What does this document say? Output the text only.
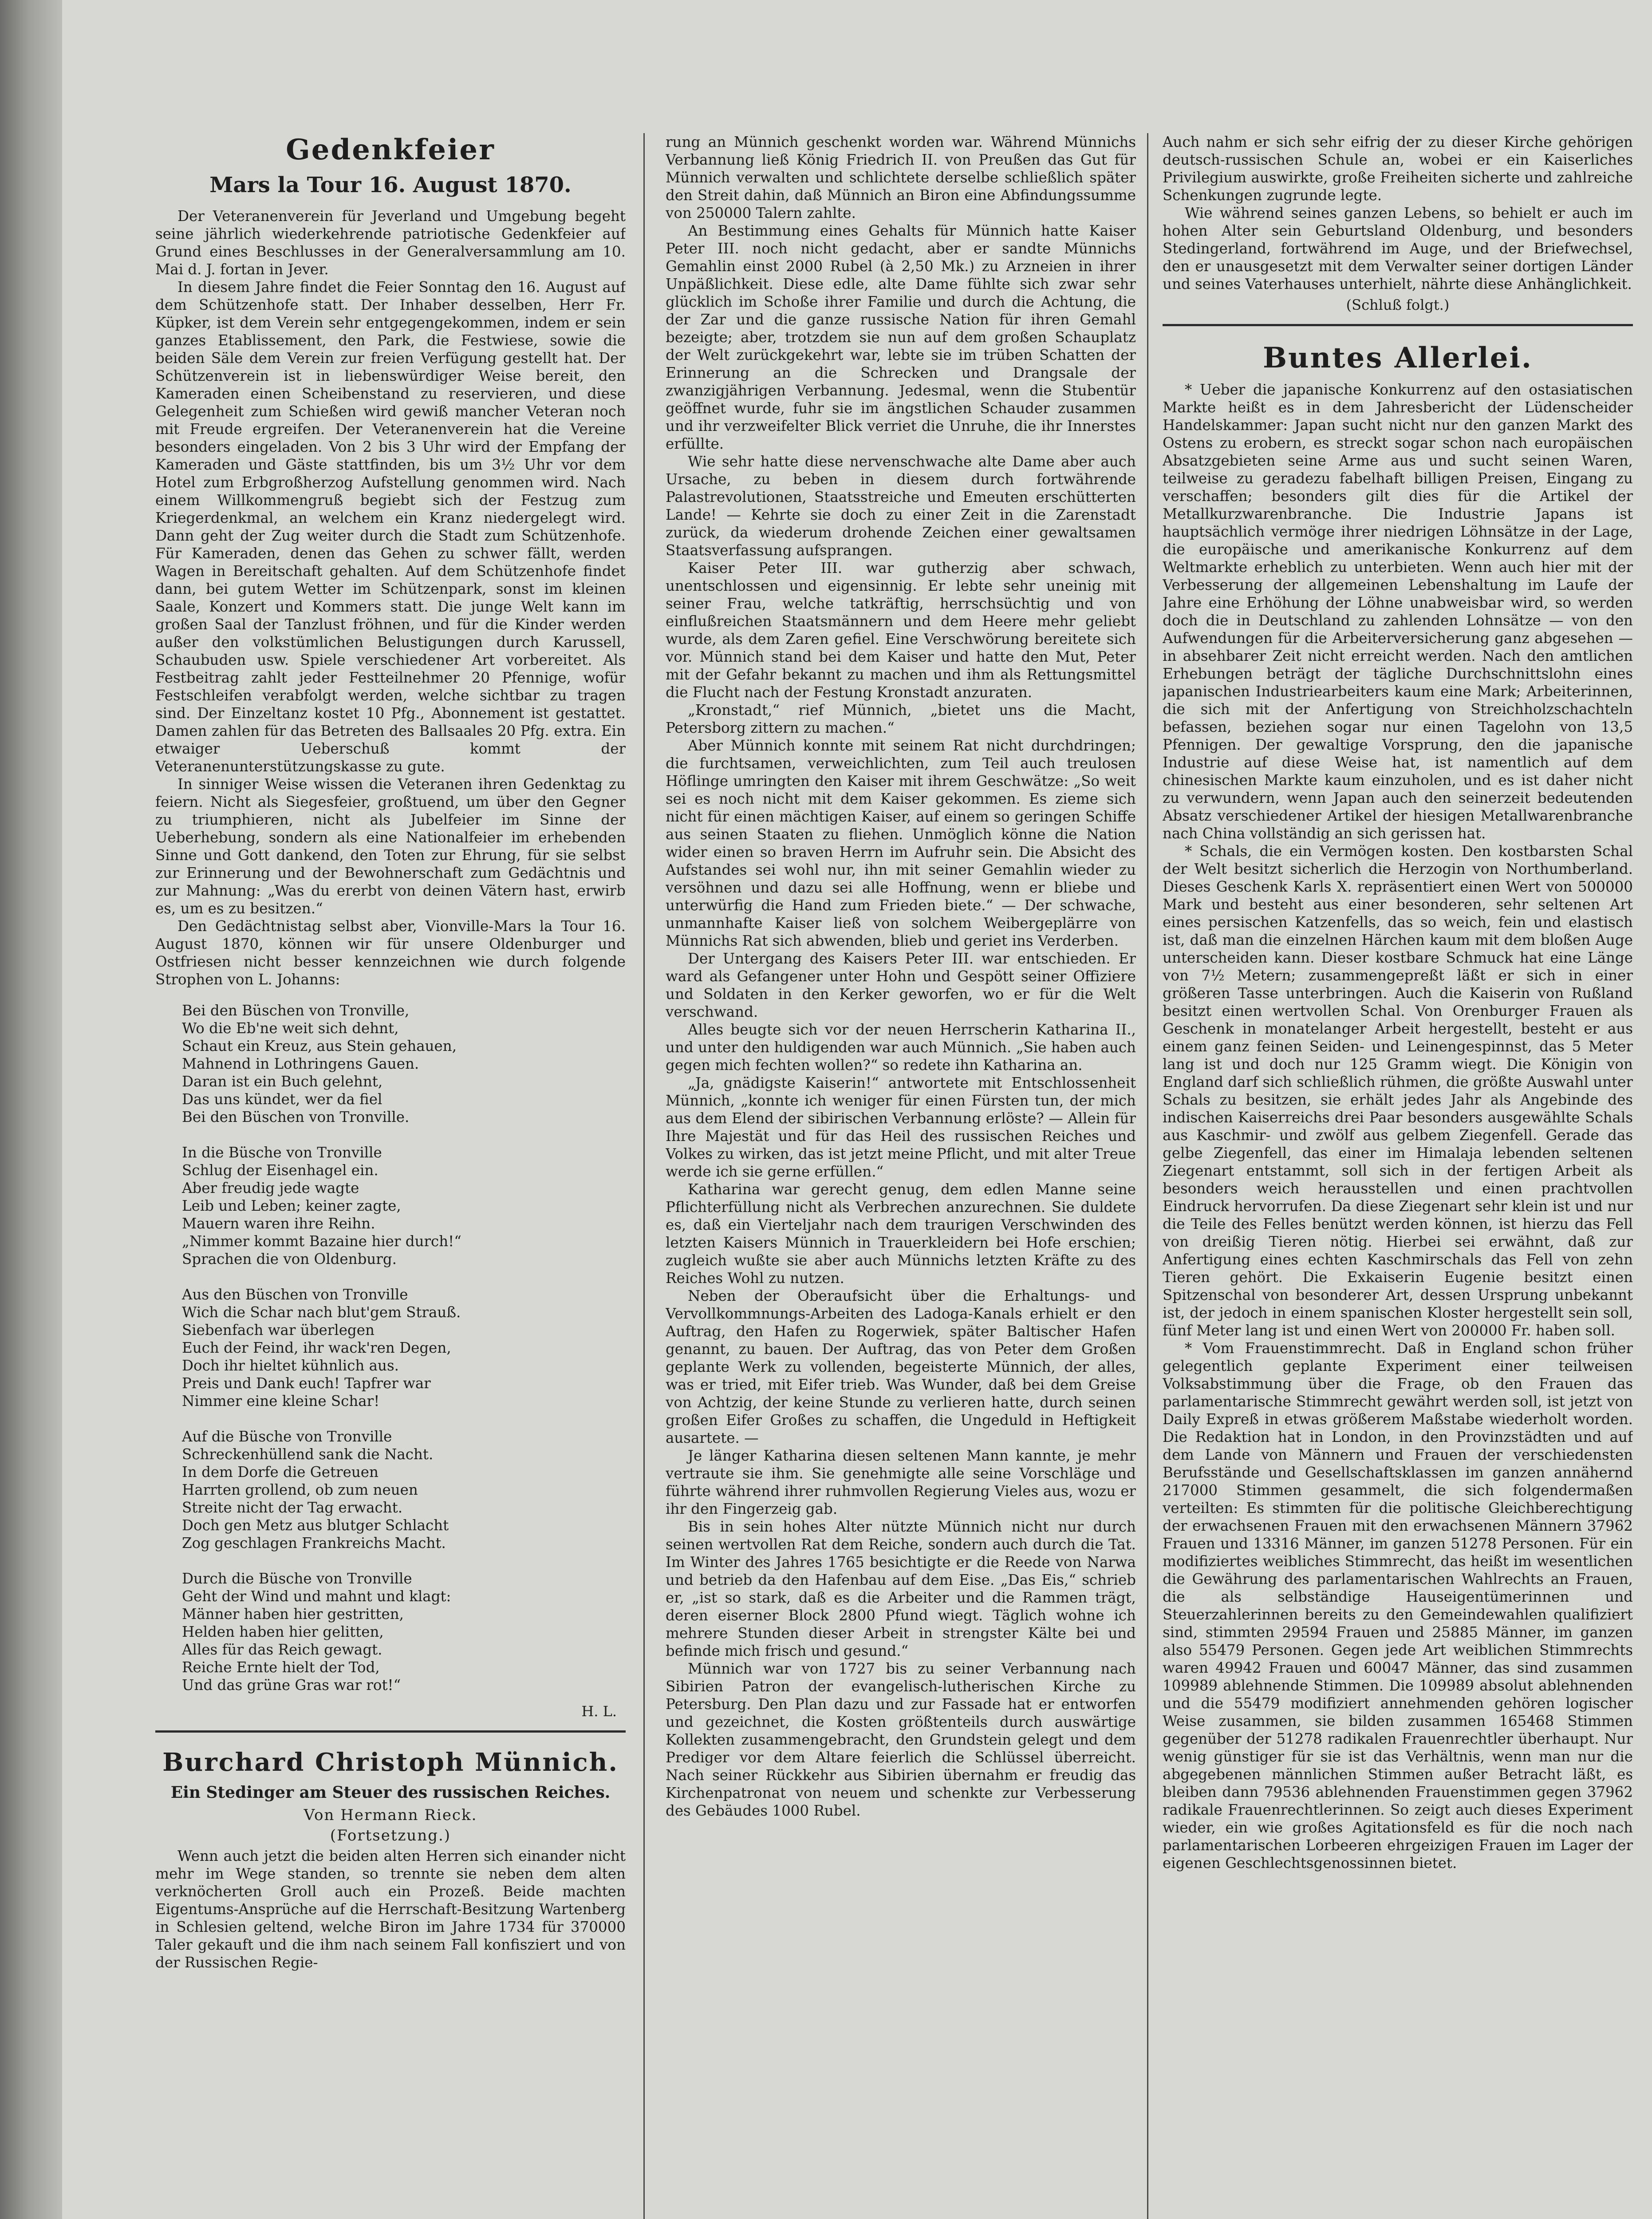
Gedenkfeier
Mars la Tour 16. August 1870.

Der Veteranenverein für Jeverland und Umgebung begeht seine jährlich wiederkehrende patriotische Gedenkfeier auf Grund eines Beschlusses in der Generalversammlung am 10. Mai d. J. fortan in Jever.

In diesem Jahre findet die Feier Sonntag den 16. August auf dem Schützenhofe statt. Der Inhaber desselben, Herr Fr. Küpker, ist dem Verein sehr entgegengekommen, indem er sein ganzes Etablissement, den Park, die Festwiese, sowie die beiden Säle dem Verein zur freien Verfügung gestellt hat. Der Schützenverein ist in liebenswürdiger Weise bereit, den Kameraden einen Scheibenstand zu reservieren, und diese Gelegenheit zum Schießen wird gewiß mancher Veteran noch mit Freude ergreifen. Der Veteranenverein hat die Vereine besonders eingeladen. Von 2 bis 3 Uhr wird der Empfang der Kameraden und Gäste stattfinden, bis um 3½ Uhr vor dem Hotel zum Erbgroßherzog Aufstellung genommen wird. Nach einem Willkommengruß begiebt sich der Festzug zum Kriegerdenkmal, an welchem ein Kranz niedergelegt wird. Dann geht der Zug weiter durch die Stadt zum Schützenhofe. Für Kameraden, denen das Gehen zu schwer fällt, werden Wagen in Bereitschaft gehalten. Auf dem Schützenhofe findet dann, bei gutem Wetter im Schützenpark, sonst im kleinen Saale, Konzert und Kommers statt. Die junge Welt kann im großen Saal der Tanzlust fröhnen, und für die Kinder werden außer den volkstümlichen Belustigungen durch Karussell, Schaubuden usw. Spiele verschiedener Art vorbereitet. Als Festbeitrag zahlt jeder Festteilnehmer 20 Pfennige, wofür Festschleifen verabfolgt werden, welche sichtbar zu tragen sind. Der Einzeltanz kostet 10 Pfg., Abonnement ist gestattet. Damen zahlen für das Betreten des Ballsaales 20 Pfg. extra. Ein etwaiger Ueberschuß kommt der Veteranenunterstützungskasse zu gute.

In sinniger Weise wissen die Veteranen ihren Gedenktag zu feiern. Nicht als Siegesfeier, großtuend, um über den Gegner zu triumphieren, nicht als Jubelfeier im Sinne der Ueberhebung, sondern als eine Nationalfeier im erhebenden Sinne und Gott dankend, den Toten zur Ehrung, für sie selbst zur Erinnerung und der Bewohnerschaft zum Gedächtnis und zur Mahnung: „Was du ererbt von deinen Vätern hast, erwirb es, um es zu besitzen.“

Den Gedächtnistag selbst aber, Vionville-Mars la Tour 16. August 1870, können wir für unsere Oldenburger und Ostfriesen nicht besser kennzeichnen wie durch folgende Strophen von L. Johanns:

Bei den Büschen von Tronville,
Wo die Eb'ne weit sich dehnt,
Schaut ein Kreuz, aus Stein gehauen,
Mahnend in Lothringens Gauen.
Daran ist ein Buch gelehnt,
Das uns kündet, wer da fiel
Bei den Büschen von Tronville.
In die Büsche von Tronville
Schlug der Eisenhagel ein.
Aber freudig jede wagte
Leib und Leben; keiner zagte,
Mauern waren ihre Reihn.
„Nimmer kommt Bazaine hier durch!“
Sprachen die von Oldenburg.
Aus den Büschen von Tronville
Wich die Schar nach blut'gem Strauß.
Siebenfach war überlegen
Euch der Feind, ihr wack'ren Degen,
Doch ihr hieltet kühnlich aus.
Preis und Dank euch! Tapfrer war
Nimmer eine kleine Schar!
Auf die Büsche von Tronville
Schreckenhüllend sank die Nacht.
In dem Dorfe die Getreuen
Harrten grollend, ob zum neuen
Streite nicht der Tag erwacht.
Doch gen Metz aus blutger Schlacht
Zog geschlagen Frankreichs Macht.
Durch die Büsche von Tronville
Geht der Wind und mahnt und klagt:
Männer haben hier gestritten,
Helden haben hier gelitten,
Alles für das Reich gewagt.
Reiche Ernte hielt der Tod,
Und das grüne Gras war rot!“
H. L.
Burchard Christoph Münnich.
Ein Stedinger am Steuer des russischen Reiches.
Von Hermann Rieck.
(Fortsetzung.)

Wenn auch jetzt die beiden alten Herren sich einander nicht mehr im Wege standen, so trennte sie neben dem alten verknöcherten Groll auch ein Prozeß. Beide machten Eigentums-Ansprüche auf die Herrschaft-Besitzung Wartenberg in Schlesien geltend, welche Biron im Jahre 1734 für 370000 Taler gekauft und die ihm nach seinem Fall konfisziert und von der Russischen Regie-

rung an Münnich geschenkt worden war. Während Münnichs Verbannung ließ König Friedrich II. von Preußen das Gut für Münnich verwalten und schlichtete derselbe schließlich später den Streit dahin, daß Münnich an Biron eine Abfindungssumme von 250000 Talern zahlte.

An Bestimmung eines Gehalts für Münnich hatte Kaiser Peter III. noch nicht gedacht, aber er sandte Münnichs Gemahlin einst 2000 Rubel (à 2,50 Mk.) zu Arzneien in ihrer Unpäßlichkeit. Diese edle, alte Dame fühlte sich zwar sehr glücklich im Schoße ihrer Familie und durch die Achtung, die der Zar und die ganze russische Nation für ihren Gemahl bezeigte; aber, trotzdem sie nun auf dem großen Schauplatz der Welt zurückgekehrt war, lebte sie im trüben Schatten der Erinnerung an die Schrecken und Drangsale der zwanzigjährigen Verbannung. Jedesmal, wenn die Stubentür geöffnet wurde, fuhr sie im ängstlichen Schauder zusammen und ihr verzweifelter Blick verriet die Unruhe, die ihr Innerstes erfüllte.

Wie sehr hatte diese nervenschwache alte Dame aber auch Ursache, zu beben in diesem durch fortwährende Palastrevolutionen, Staatsstreiche und Emeuten erschütterten Lande! — Kehrte sie doch zu einer Zeit in die Zarenstadt zurück, da wiederum drohende Zeichen einer gewaltsamen Staatsverfassung aufsprangen.

Kaiser Peter III. war gutherzig aber schwach, unentschlossen und eigensinnig. Er lebte sehr uneinig mit seiner Frau, welche tatkräftig, herrschsüchtig und von einflußreichen Staatsmännern und dem Heere mehr geliebt wurde, als dem Zaren gefiel. Eine Verschwörung bereitete sich vor. Münnich stand bei dem Kaiser und hatte den Mut, Peter mit der Gefahr bekannt zu machen und ihm als Rettungsmittel die Flucht nach der Festung Kronstadt anzuraten.

„Kronstadt,“ rief Münnich, „bietet uns die Macht, Petersborg zittern zu machen.“

Aber Münnich konnte mit seinem Rat nicht durchdringen; die furchtsamen, verweichlichten, zum Teil auch treulosen Höflinge umringten den Kaiser mit ihrem Geschwätze: „So weit sei es noch nicht mit dem Kaiser gekommen. Es zieme sich nicht für einen mächtigen Kaiser, auf einem so geringen Schiffe aus seinen Staaten zu fliehen. Unmöglich könne die Nation wider einen so braven Herrn im Aufruhr sein. Die Absicht des Aufstandes sei wohl nur, ihn mit seiner Gemahlin wieder zu versöhnen und dazu sei alle Hoffnung, wenn er bliebe und unterwürfig die Hand zum Frieden biete.“ — Der schwache, unmannhafte Kaiser ließ von solchem Weibergeplärre von Münnichs Rat sich abwenden, blieb und geriet ins Verderben.

Der Untergang des Kaisers Peter III. war entschieden. Er ward als Gefangener unter Hohn und Gespött seiner Offiziere und Soldaten in den Kerker geworfen, wo er für die Welt verschwand.

Alles beugte sich vor der neuen Herrscherin Katharina II., und unter den huldigenden war auch Münnich. „Sie haben auch gegen mich fechten wollen?“ so redete ihn Katharina an.

„Ja, gnädigste Kaiserin!“ antwortete mit Entschlossenheit Münnich, „konnte ich weniger für einen Fürsten tun, der mich aus dem Elend der sibirischen Verbannung erlöste? — Allein für Ihre Majestät und für das Heil des russischen Reiches und Volkes zu wirken, das ist jetzt meine Pflicht, und mit alter Treue werde ich sie gerne erfüllen.“

Katharina war gerecht genug, dem edlen Manne seine Pflichterfüllung nicht als Verbrechen anzurechnen. Sie duldete es, daß ein Vierteljahr nach dem traurigen Verschwinden des letzten Kaisers Münnich in Trauerkleidern bei Hofe erschien; zugleich wußte sie aber auch Münnichs letzten Kräfte zu des Reiches Wohl zu nutzen.

Neben der Oberaufsicht über die Erhaltungs- und Vervollkommnungs-Arbeiten des Ladoga-Kanals erhielt er den Auftrag, den Hafen zu Rogerwiek, später Baltischer Hafen genannt, zu bauen. Der Auftrag, das von Peter dem Großen geplante Werk zu vollenden, begeisterte Münnich, der alles, was er tried, mit Eifer trieb. Was Wunder, daß bei dem Greise von Achtzig, der keine Stunde zu verlieren hatte, durch seinen großen Eifer Großes zu schaffen, die Ungeduld in Heftigkeit ausartete. —

Je länger Katharina diesen seltenen Mann kannte, je mehr vertraute sie ihm. Sie genehmigte alle seine Vorschläge und führte während ihrer ruhmvollen Regierung Vieles aus, wozu er ihr den Fingerzeig gab.

Bis in sein hohes Alter nützte Münnich nicht nur durch seinen wertvollen Rat dem Reiche, sondern auch durch die Tat. Im Winter des Jahres 1765 besichtigte er die Reede von Narwa und betrieb da den Hafenbau auf dem Eise. „Das Eis,“ schrieb er, „ist so stark, daß es die Arbeiter und die Rammen trägt, deren eiserner Block 2800 Pfund wiegt. Täglich wohne ich mehrere Stunden dieser Arbeit in strengster Kälte bei und befinde mich frisch und gesund.“

Münnich war von 1727 bis zu seiner Verbannung nach Sibirien Patron der evangelisch-lutherischen Kirche zu Petersburg. Den Plan dazu und zur Fassade hat er entworfen und gezeichnet, die Kosten größtenteils durch auswärtige Kollekten zusammengebracht, den Grundstein gelegt und dem Prediger vor dem Altare feierlich die Schlüssel überreicht. Nach seiner Rückkehr aus Sibirien übernahm er freudig das Kirchenpatronat von neuem und schenkte zur Verbesserung des Gebäudes 1000 Rubel.

Auch nahm er sich sehr eifrig der zu dieser Kirche gehörigen deutsch-russischen Schule an, wobei er ein Kaiserliches Privilegium auswirkte, große Freiheiten sicherte und zahlreiche Schenkungen zugrunde legte.

Wie während seines ganzen Lebens, so behielt er auch im hohen Alter sein Geburtsland Oldenburg, und besonders Stedingerland, fortwährend im Auge, und der Briefwechsel, den er unausgesetzt mit dem Verwalter seiner dortigen Länder und seines Vaterhauses unterhielt, nährte diese Anhänglichkeit.

(Schluß folgt.)
Buntes Allerlei.

* Ueber die japanische Konkurrenz auf den ostasiatischen Markte heißt es in dem Jahresbericht der Lüdenscheider Handelskammer: Japan sucht nicht nur den ganzen Markt des Ostens zu erobern, es streckt sogar schon nach europäischen Absatzgebieten seine Arme aus und sucht seinen Waren, teilweise zu geradezu fabelhaft billigen Preisen, Eingang zu verschaffen; besonders gilt dies für die Artikel der Metallkurzwarenbranche. Die Industrie Japans ist hauptsächlich vermöge ihrer niedrigen Löhnsätze in der Lage, die europäische und amerikanische Konkurrenz auf dem Weltmarkte erheblich zu unterbieten. Wenn auch hier mit der Verbesserung der allgemeinen Lebenshaltung im Laufe der Jahre eine Erhöhung der Löhne unabweisbar wird, so werden doch die in Deutschland zu zahlenden Lohnsätze — von den Aufwendungen für die Arbeiterversicherung ganz abgesehen — in absehbarer Zeit nicht erreicht werden. Nach den amtlichen Erhebungen beträgt der tägliche Durchschnittslohn eines japanischen Industriearbeiters kaum eine Mark; Arbeiterinnen, die sich mit der Anfertigung von Streichholzschachteln befassen, beziehen sogar nur einen Tagelohn von 13,5 Pfennigen. Der gewaltige Vorsprung, den die japanische Industrie auf diese Weise hat, ist namentlich auf dem chinesischen Markte kaum einzuholen, und es ist daher nicht zu verwundern, wenn Japan auch den seinerzeit bedeutenden Absatz verschiedener Artikel der hiesigen Metallwarenbranche nach China vollständig an sich gerissen hat.

* Schals, die ein Vermögen kosten. Den kostbarsten Schal der Welt besitzt sicherlich die Herzogin von Northumberland. Dieses Geschenk Karls X. repräsentiert einen Wert von 500000 Mark und besteht aus einer besonderen, sehr seltenen Art eines persischen Katzenfells, das so weich, fein und elastisch ist, daß man die einzelnen Härchen kaum mit dem bloßen Auge unterscheiden kann. Dieser kostbare Schmuck hat eine Länge von 7½ Metern; zusammengepreßt läßt er sich in einer größeren Tasse unterbringen. Auch die Kaiserin von Rußland besitzt einen wertvollen Schal. Von Orenburger Frauen als Geschenk in monatelanger Arbeit hergestellt, besteht er aus einem ganz feinen Seiden- und Leinengespinnst, das 5 Meter lang ist und doch nur 125 Gramm wiegt. Die Königin von England darf sich schließlich rühmen, die größte Auswahl unter Schals zu besitzen, sie erhält jedes Jahr als Angebinde des indischen Kaiserreichs drei Paar besonders ausgewählte Schals aus Kaschmir- und zwölf aus gelbem Ziegenfell. Gerade das gelbe Ziegenfell, das einer im Himalaja lebenden seltenen Ziegenart entstammt, soll sich in der fertigen Arbeit als besonders weich herausstellen und einen prachtvollen Eindruck hervorrufen. Da diese Ziegenart sehr klein ist und nur die Teile des Felles benützt werden können, ist hierzu das Fell von dreißig Tieren nötig. Hierbei sei erwähnt, daß zur Anfertigung eines echten Kaschmirschals das Fell von zehn Tieren gehört. Die Exkaiserin Eugenie besitzt einen Spitzenschal von besonderer Art, dessen Ursprung unbekannt ist, der jedoch in einem spanischen Kloster hergestellt sein soll, fünf Meter lang ist und einen Wert von 200000 Fr. haben soll.

* Vom Frauenstimmrecht. Daß in England schon früher gelegentlich geplante Experiment einer teilweisen Volksabstimmung über die Frage, ob den Frauen das parlamentarische Stimmrecht gewährt werden soll, ist jetzt von Daily Expreß in etwas größerem Maßstabe wiederholt worden. Die Redaktion hat in London, in den Provinzstädten und auf dem Lande von Männern und Frauen der verschiedensten Berufsstände und Gesellschaftsklassen im ganzen annähernd 217000 Stimmen gesammelt, die sich folgendermaßen verteilten: Es stimmten für die politische Gleichberechtigung der erwachsenen Frauen mit den erwachsenen Männern 37962 Frauen und 13316 Männer, im ganzen 51278 Personen. Für ein modifiziertes weibliches Stimmrecht, das heißt im wesentlichen die Gewährung des parlamentarischen Wahlrechts an Frauen, die als selbständige Hauseigentümerinnen und Steuerzahlerinnen bereits zu den Gemeindewahlen qualifiziert sind, stimmten 29594 Frauen und 25885 Männer, im ganzen also 55479 Personen. Gegen jede Art weiblichen Stimmrechts waren 49942 Frauen und 60047 Männer, das sind zusammen 109989 ablehnende Stimmen. Die 109989 absolut ablehnenden und die 55479 modifiziert annehmenden gehören logischer Weise zusammen, sie bilden zusammen 165468 Stimmen gegenüber der 51278 radikalen Frauenrechtler überhaupt. Nur wenig günstiger für sie ist das Verhältnis, wenn man nur die abgegebenen männlichen Stimmen außer Betracht läßt, es bleiben dann 79536 ablehnenden Frauenstimmen gegen 37962 radikale Frauenrechtlerinnen. So zeigt auch dieses Experiment wieder, ein wie großes Agitationsfeld es für die noch nach parlamentarischen Lorbeeren ehrgeizigen Frauen im Lager der eigenen Geschlechtsgenossinnen bietet.
